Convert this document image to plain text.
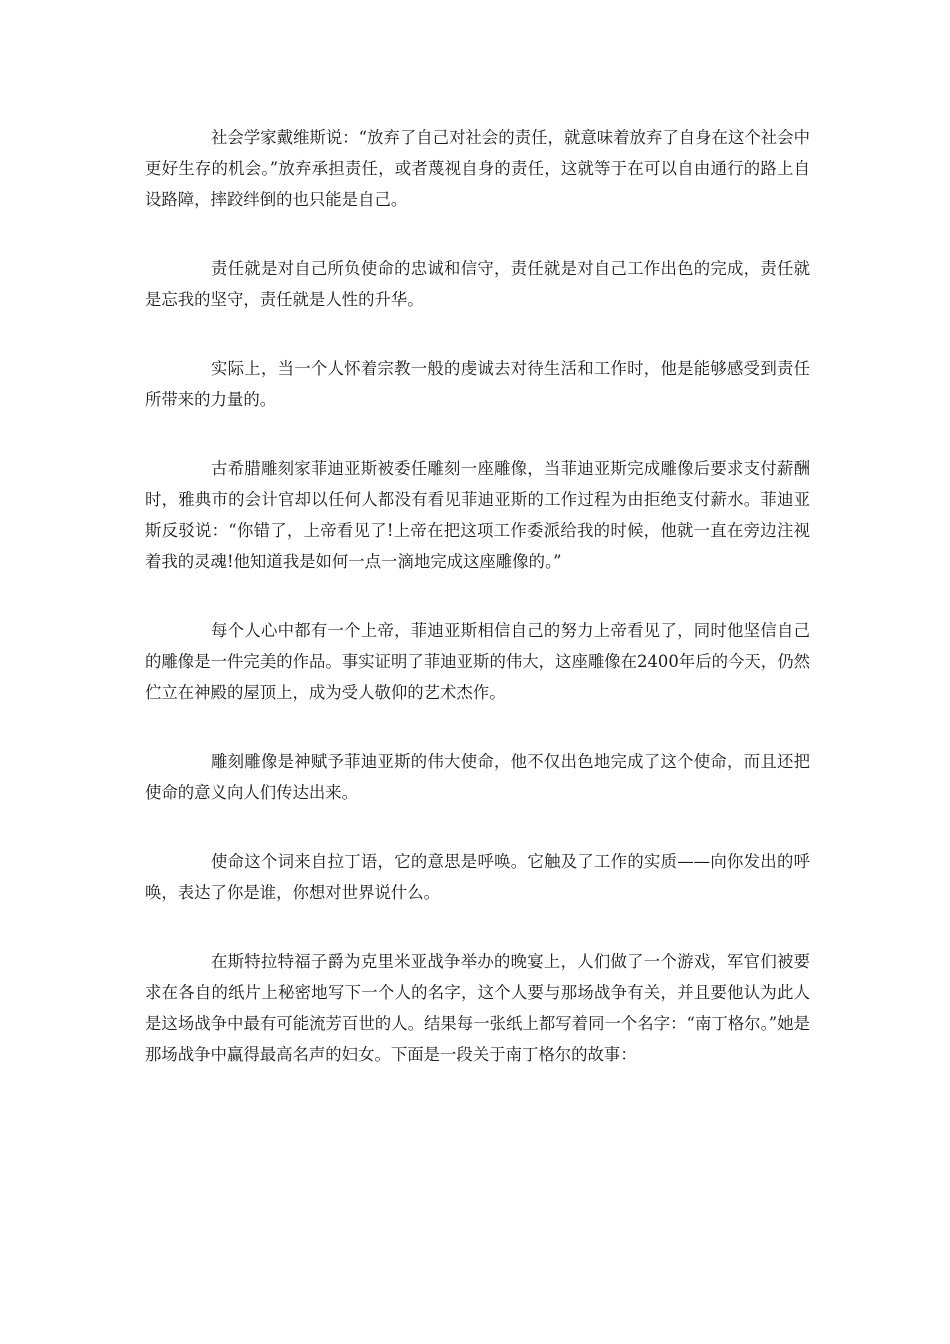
社会学家戴维斯说：“放弃了自己对社会的责任，就意味着放弃了自身在这个社会中更好生存的机会。”放弃承担责任，或者蔑视自身的责任，这就等于在可以自由通行的路上自设路障，摔跤绊倒的也只能是自己。

责任就是对自己所负使命的忠诚和信守，责任就是对自己工作出色的完成，责任就是忘我的坚守，责任就是人性的升华。

实际上，当一个人怀着宗教一般的虔诚去对待生活和工作时，他是能够感受到责任所带来的力量的。

古希腊雕刻家菲迪亚斯被委任雕刻一座雕像，当菲迪亚斯完成雕像后要求支付薪酬时，雅典市的会计官却以任何人都没有看见菲迪亚斯的工作过程为由拒绝支付薪水。菲迪亚斯反驳说：“你错了，上帝看见了!上帝在把这项工作委派给我的时候，他就一直在旁边注视着我的灵魂!他知道我是如何一点一滴地完成这座雕像的。”

每个人心中都有一个上帝，菲迪亚斯相信自己的努力上帝看见了，同时他坚信自己的雕像是一件完美的作品。事实证明了菲迪亚斯的伟大，这座雕像在2400年后的今天，仍然伫立在神殿的屋顶上，成为受人敬仰的艺术杰作。

雕刻雕像是神赋予菲迪亚斯的伟大使命，他不仅出色地完成了这个使命，而且还把使命的意义向人们传达出来。

使命这个词来自拉丁语，它的意思是呼唤。它触及了工作的实质——向你发出的呼唤，表达了你是谁，你想对世界说什么。

在斯特拉特福子爵为克里米亚战争举办的晚宴上，人们做了一个游戏，军官们被要求在各自的纸片上秘密地写下一个人的名字，这个人要与那场战争有关，并且要他认为此人是这场战争中最有可能流芳百世的人。结果每一张纸上都写着同一个名字：“南丁格尔。”她是那场战争中赢得最高名声的妇女。下面是一段关于南丁格尔的故事：
